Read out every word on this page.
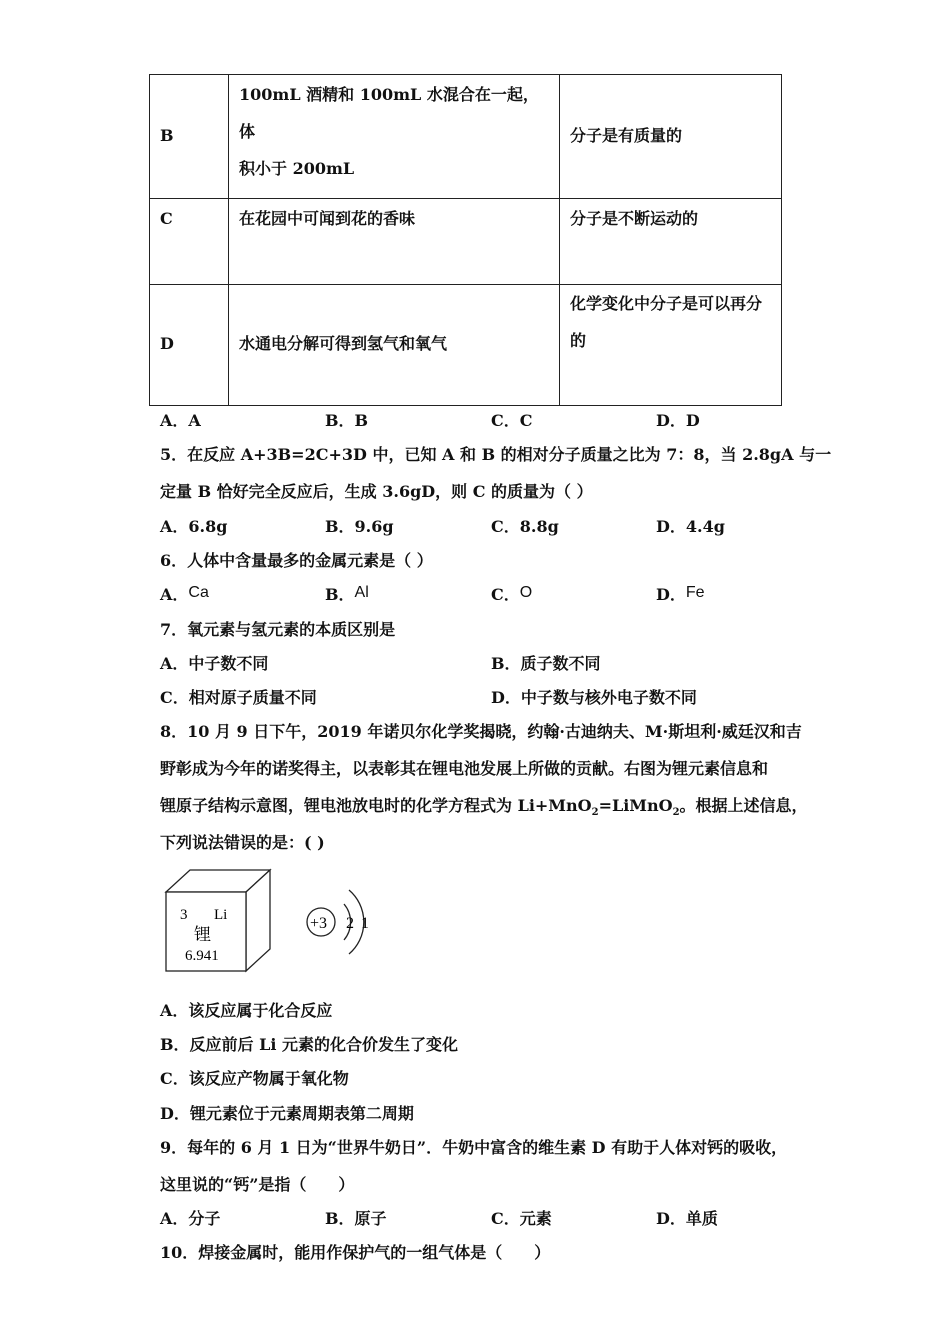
B	100mL 酒精和 100mL 水混合在一起，体
积小于 200mL	分子是有质量的

C	在花园中可闻到花的香味	分子是不断运动的

D	水通电分解可得到氢气和氧气	化学变化中分子是可以再分
的
A．A	B．B	C．C	D．D
5．在反应 A+3B=2C+3D 中，已知 A 和 B 的相对分子质量之比为 7：8，当 2.8gA 与一
定量 B 恰好完全反应后，生成 3.6gD，则 C 的质量为（ ）
A．6.8g	B．9.6g	C．8.8g	D．4.4g
6．人体中含量最多的金属元素是（ ）
A．Ca	B．Al	C．O	D．Fe
7．氧元素与氢元素的本质区别是
A．中子数不同	B．质子数不同
C．相对原子质量不同	D．中子数与核外电子数不同
8．10 月 9 日下午，2019 年诺贝尔化学奖揭晓，约翰·古迪纳夫、M·斯坦利·威廷汉和吉
野彰成为今年的诺奖得主，以表彰其在锂电池发展上所做的贡献。右图为锂元素信息和
锂原子结构示意图，锂电池放电时的化学方程式为 Li+MnO$_2$=LiMnO$_2$。根据上述信息，
下列说法错误的是：( )
3 Li
锂
6.941
+3 2 1
A．该反应属于化合反应
B．反应前后 Li 元素的化合价发生了变化
C．该反应产物属于氧化物
D．锂元素位于元素周期表第二周期
9．每年的 6 月 1 日为“世界牛奶日”．牛奶中富含的维生素 D 有助于人体对钙的吸收，
这里说的“钙”是指（　　）
A．分子	B．原子	C．元素	D．单质
10．焊接金属时，能用作保护气的一组气体是（　　）
